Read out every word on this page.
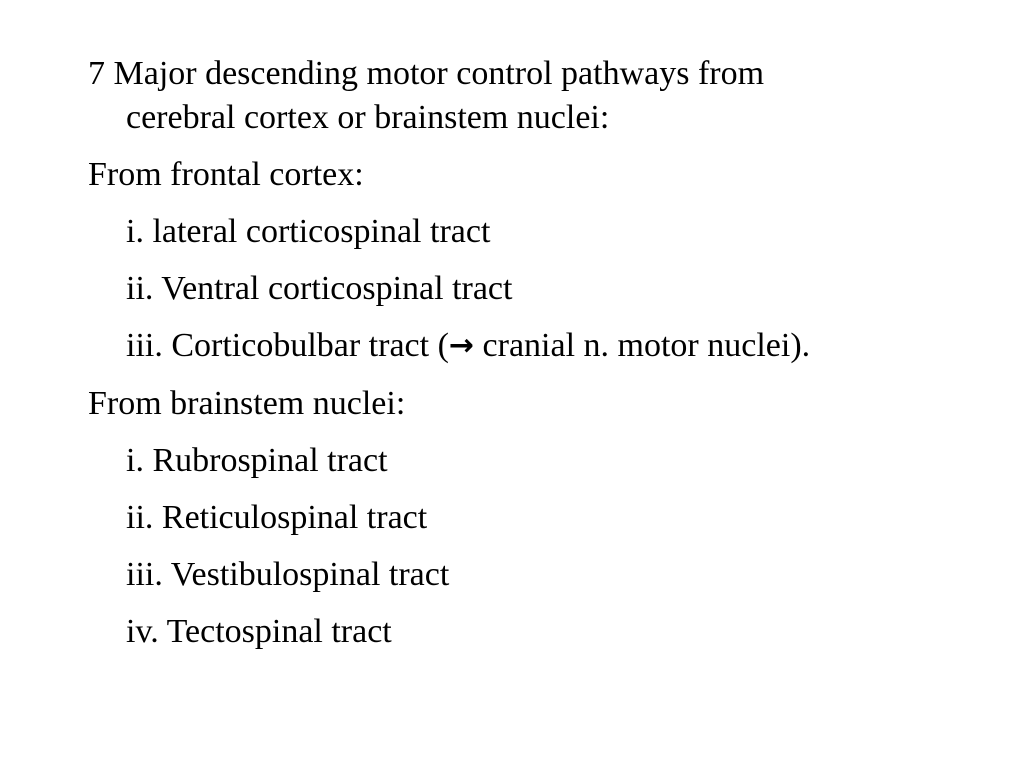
7 Major descending motor control pathways from
cerebral cortex or brainstem nuclei:
From frontal cortex:
i. lateral corticospinal tract
ii. Ventral corticospinal tract
iii. Corticobulbar tract (→ cranial n. motor nuclei).
From brainstem nuclei:
i. Rubrospinal tract
ii. Reticulospinal tract
iii. Vestibulospinal tract
iv. Tectospinal tract
